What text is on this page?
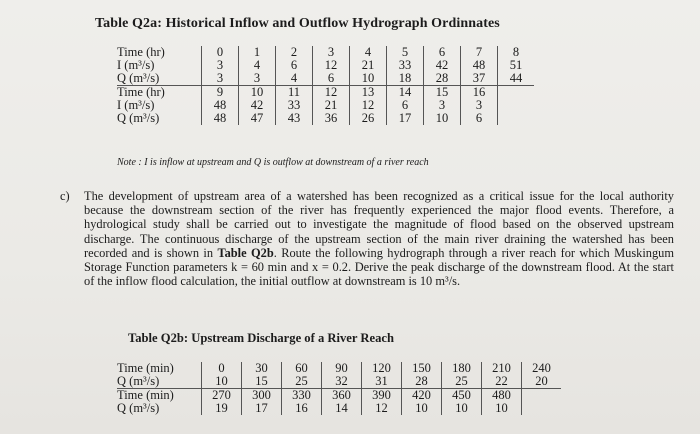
Table Q2a: Historical Inflow and Outflow Hydrograph Ordinnates
Time (hr)	0	1	2	3	4	5	6	7	8
I (m³/s)	3	4	6	12	21	33	42	48	51
Q (m³/s)	3	3	4	6	10	18	28	37	44
Time (hr)	9	10	11	12	13	14	15	16	
I (m³/s)	48	42	33	21	12	6	3	3	
Q (m³/s)	48	47	43	36	26	17	10	6	
Note : I is inflow at upstream and Q is outflow at downstream of a river reach
c) The development of upstream area of a watershed has been recognized as a critical issue for the local authority because the downstream section of the river has frequently experienced the major flood events. Therefore, a hydrological study shall be carried out to investigate the magnitude of flood based on the observed upstream discharge. The continuous discharge of the upstream section of the main river draining the watershed has been recorded and is shown in Table Q2b. Route the following hydrograph through a river reach for which Muskingum Storage Function parameters k = 60 min and x = 0.2. Derive the peak discharge of the downstream flood. At the start of the inflow flood calculation, the initial outflow at downstream is 10 m³/s.
Table Q2b: Upstream Discharge of a River Reach
Time (min)	0	30	60	90	120	150	180	210	240
Q (m³/s)	10	15	25	32	31	28	25	22	20
Time (min)	270	300	330	360	390	420	450	480	
Q (m³/s)	19	17	16	14	12	10	10	10	
